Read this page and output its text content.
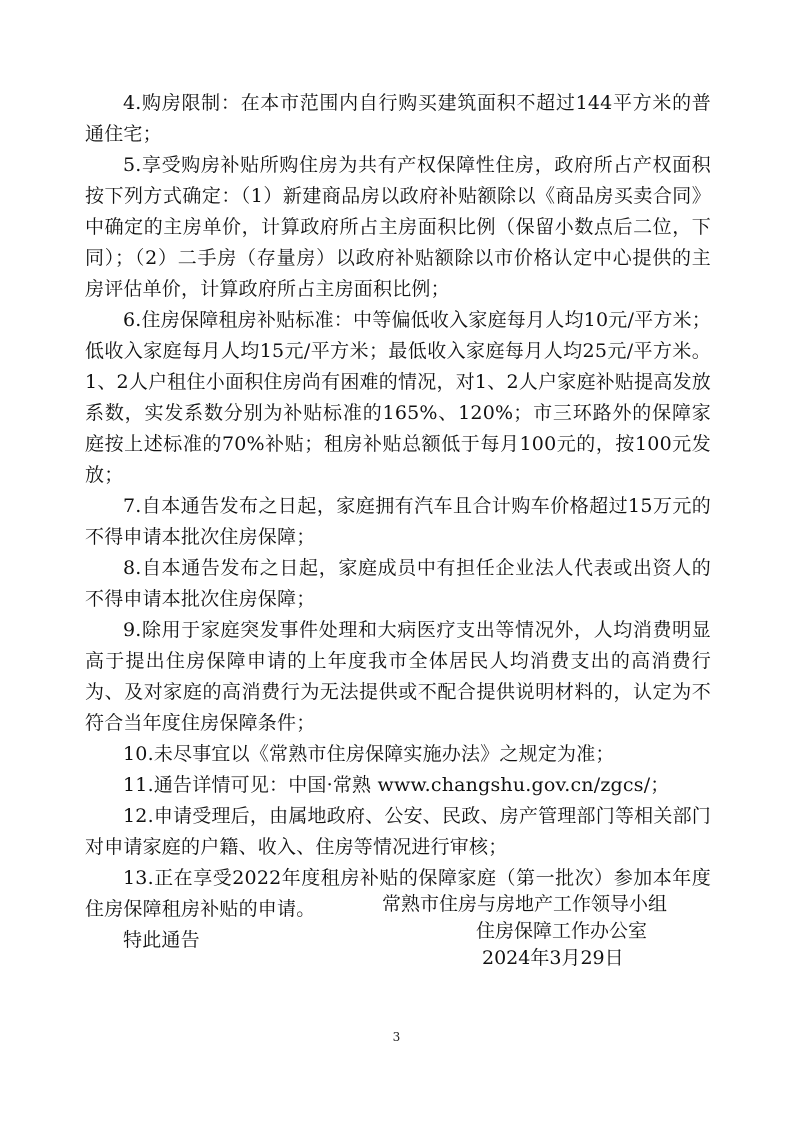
4.购房限制：在本市范围内自行购买建筑面积不超过144平方米的普通住宅；

5.享受购房补贴所购住房为共有产权保障性住房，政府所占产权面积按下列方式确定：（1）新建商品房以政府补贴额除以《商品房买卖合同》中确定的主房单价，计算政府所占主房面积比例（保留小数点后二位，下同）；（2）二手房（存量房）以政府补贴额除以市价格认定中心提供的主房评估单价，计算政府所占主房面积比例；

6.住房保障租房补贴标准：中等偏低收入家庭每月人均10元/平方米；低收入家庭每月人均15元/平方米；最低收入家庭每月人均25元/平方米。1、2人户租住小面积住房尚有困难的情况，对1、2人户家庭补贴提高发放系数，实发系数分别为补贴标准的165%、120%；市三环路外的保障家庭按上述标准的70%补贴；租房补贴总额低于每月100元的，按100元发放；

7.自本通告发布之日起，家庭拥有汽车且合计购车价格超过15万元的不得申请本批次住房保障；

8.自本通告发布之日起，家庭成员中有担任企业法人代表或出资人的不得申请本批次住房保障；

9.除用于家庭突发事件处理和大病医疗支出等情况外，人均消费明显高于提出住房保障申请的上年度我市全体居民人均消费支出的高消费行为、及对家庭的高消费行为无法提供或不配合提供说明材料的，认定为不符合当年度住房保障条件；

10.未尽事宜以《常熟市住房保障实施办法》之规定为准；

11.通告详情可见：中国·常熟 www.changshu.gov.cn/zgcs/；

12.申请受理后，由属地政府、公安、民政、房产管理部门等相关部门对申请家庭的户籍、收入、住房等情况进行审核；

13.正在享受2022年度租房补贴的保障家庭（第一批次）参加本年度住房保障租房补贴的申请。

特此通告

常熟市住房与房地产工作领导小组
住房保障工作办公室
2024年3月29日
3
